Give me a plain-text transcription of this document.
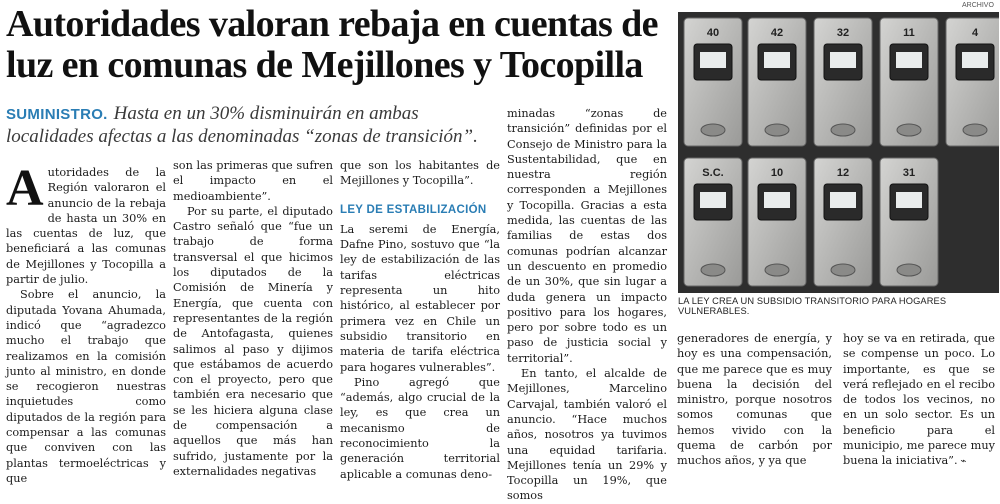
Autoridades valoran rebaja en cuentas de luz en comunas de Mejillones y Tocopilla
SUMINISTRO. Hasta en un 30% disminuirán en ambas localidades afectas a las denominadas “zonas de transición”.
A utoridades de la Región valoraron el anuncio de la rebaja de hasta un 30% en las cuentas de luz, que beneficiará a las comunas de Mejillones y Tocopilla a partir de julio.

Sobre el anuncio, la diputada Yovana Ahumada, indicó que “agradezco mucho el trabajo que realizamos en la comisión junto al ministro, en donde se recogieron nuestras inquietudes como diputados de la región para compensar a las comunas que conviven con las plantas termoeléctricas y que

son las primeras que sufren el impacto en el medioambiente”.

Por su parte, el diputado Castro señaló que “fue un trabajo de forma transversal el que hicimos los diputados de la Comisión de Minería y Energía, que cuenta con representantes de la región de Antofagasta, quienes salimos al paso y dijimos que estábamos de acuerdo con el proyecto, pero que también era necesario que se les hiciera alguna clase de compensación a aquellos que más han sufrido, justamente por la externalidades negativas

que son los habitantes de Mejillones y Tocopilla”.

LEY DE ESTABILIZACIÓN

La seremi de Energía, Dafne Pino, sostuvo que “la ley de estabilización de las tarifas eléctricas representa un hito histórico, al establecer por primera vez en Chile un subsidio transitorio en materia de tarifa eléctrica para hogares vulnerables”.

Pino agregó que “además, algo crucial de la ley, es que crea un mecanismo de reconocimiento la generación territorial aplicable a comunas deno-

minadas “zonas de transición” definidas por el Consejo de Ministro para la Sustentabilidad, que en nuestra región corresponden a Mejillones y Tocopilla. Gracias a esta medida, las cuentas de las familias de estas dos comunas podrían alcanzar un descuento en promedio de un 30%, que sin lugar a duda genera un impacto positivo para los hogares, pero por sobre todo es un paso de justicia social y territorial”.

En tanto, el alcalde de Mejillones, Marcelino Carvajal, también valoró el anuncio. “Hace muchos años, nosotros ya tuvimos una equidad tarifaria. Mejillones tenía un 29% y Tocopilla un 19%, que somos

generadores de energía, y hoy es una compensación, que me parece que es muy buena la decisión del ministro, porque nosotros somos comunas que hemos vivido con la quema de carbón por muchos años, y ya que

hoy se va en retirada, que se compense un poco. Lo importante, es que se verá reflejado en el recibo de todos los vecinos, no en un solo sector. Es un beneficio para el municipio, me parece muy buena la iniciativa”. ⌁

ARCHIVO
40	42	32	11	4
S.C.	10	12	31
LA LEY CREA UN SUBSIDIO TRANSITORIO PARA HOGARES VULNERABLES.
